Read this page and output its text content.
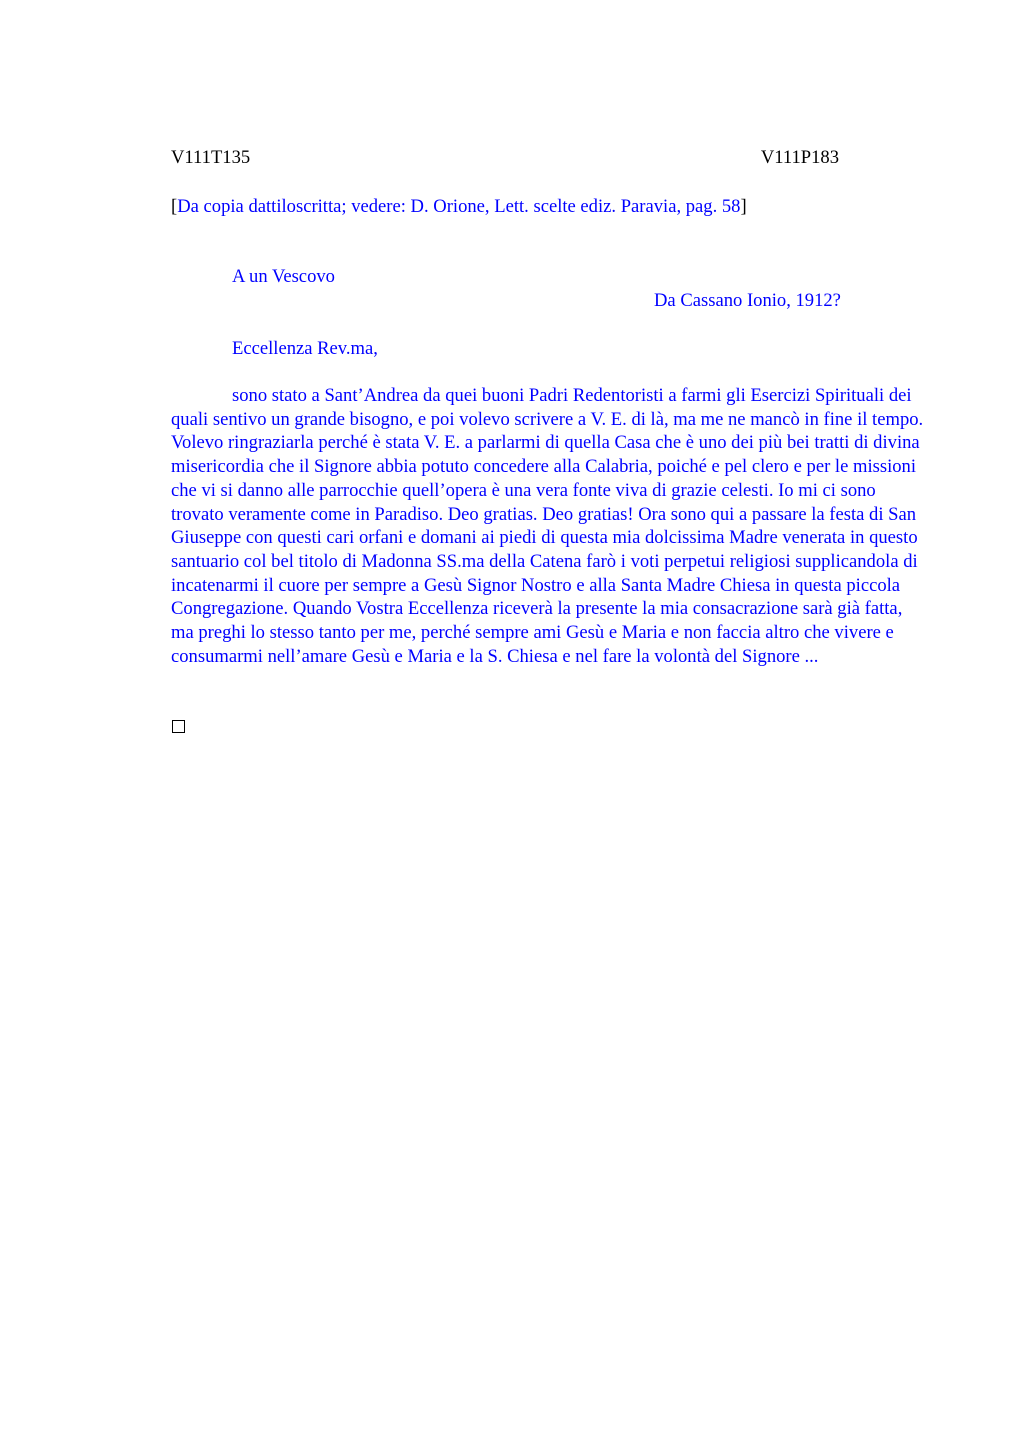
V111T135	V111P183
[Da copia dattiloscritta; vedere: D. Orione, Lett. scelte ediz. Paravia, pag. 58]
A un Vescovo
Da Cassano Ionio, 1912?
Eccellenza Rev.ma,

sono stato a Sant’Andrea da quei buoni Padri Redentoristi a farmi gli Esercizi Spirituali dei quali sentivo un grande bisogno, e poi volevo scrivere a V. E. di là, ma me ne mancò in fine il tempo. Volevo ringraziarla perché è stata V. E. a parlarmi di quella Casa che è uno dei più bei tratti di divina misericordia che il Signore abbia potuto concedere alla Calabria, poiché e pel clero e per le missioni che vi si danno alle parrocchie quell’opera è una vera fonte viva di grazie celesti. Io mi ci sono trovato veramente come in Paradiso. Deo gratias. Deo gratias! Ora sono qui a passare la festa di San Giuseppe con questi cari orfani e domani ai piedi di questa mia dolcissima Madre venerata in questo santuario col bel titolo di Madonna SS.ma della Catena farò i voti perpetui religiosi supplicandola di incatenarmi il cuore per sempre a Gesù Signor Nostro e alla Santa Madre Chiesa in questa piccola Congregazione. Quando Vostra Eccellenza riceverà la presente la mia consacrazione sarà già fatta, ma preghi lo stesso tanto per me, perché sempre ami Gesù e Maria e non faccia altro che vivere e consumarmi nell’amare Gesù e Maria e la S. Chiesa e nel fare la volontà del Signore ...
